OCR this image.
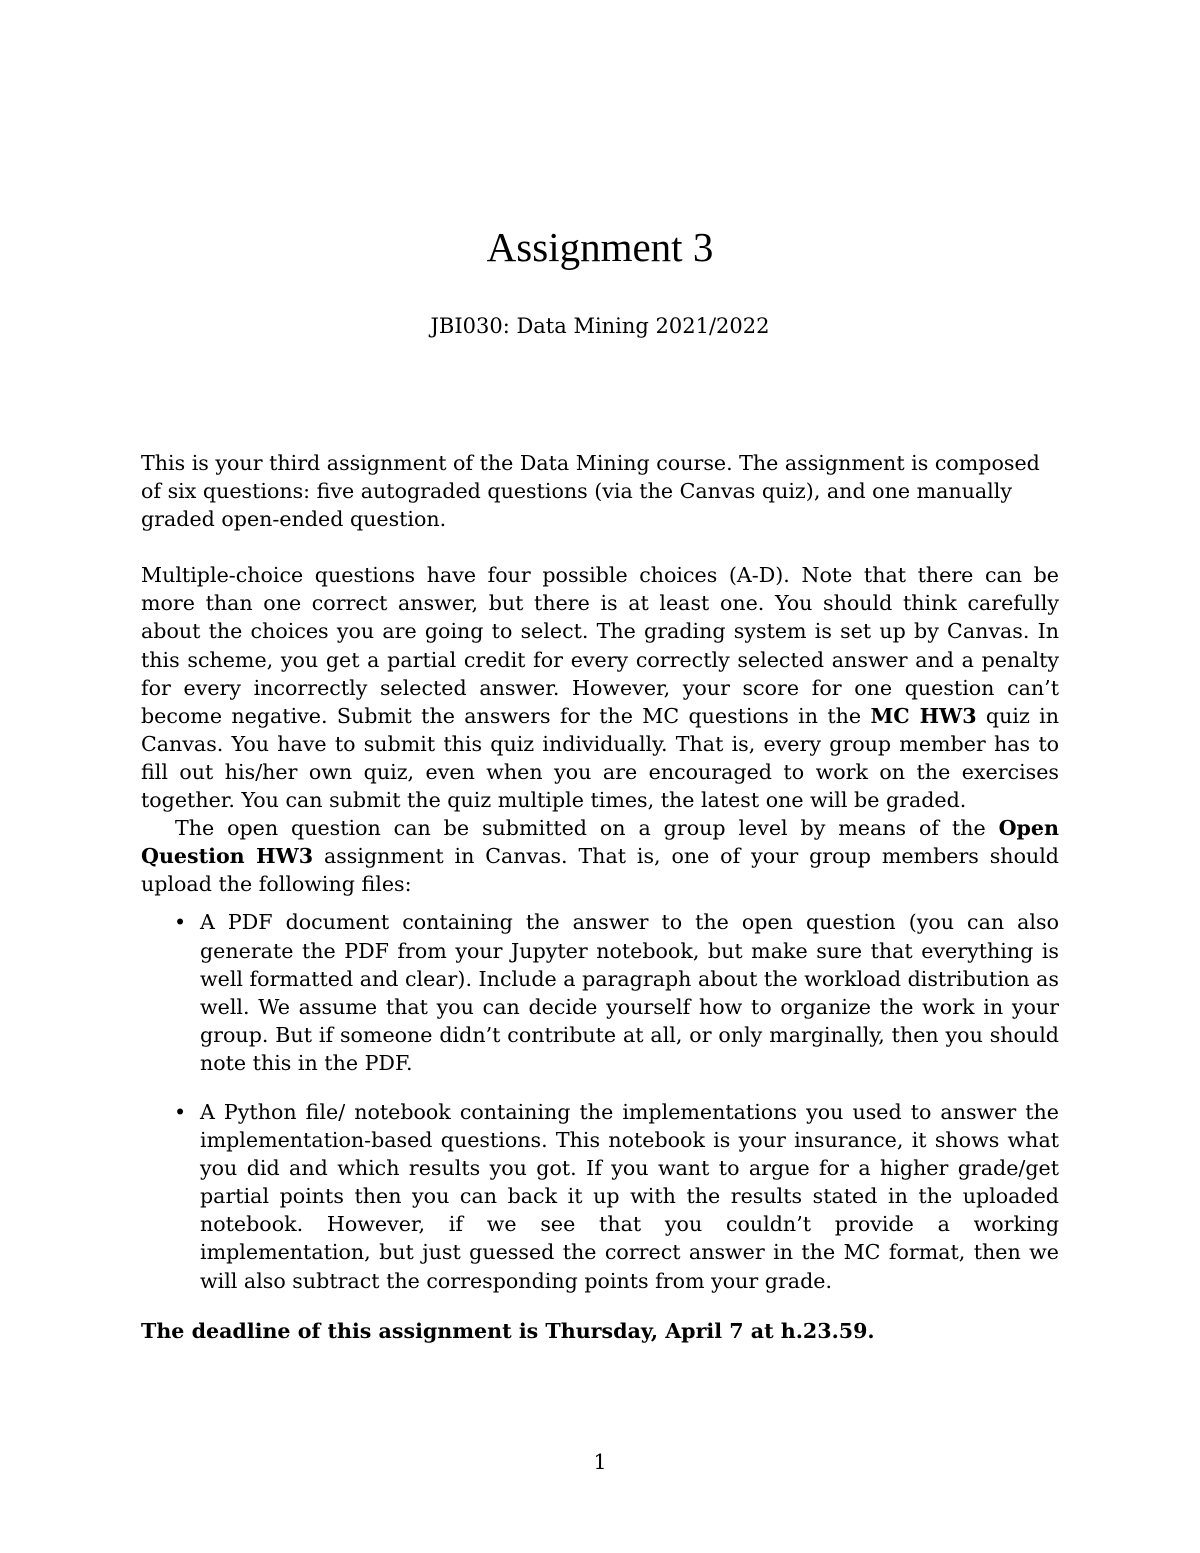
Assignment 3
JBI030: Data Mining 2021/2022

This is your third assignment of the Data Mining course. The assignment is composed of six questions: five autograded questions (via the Canvas quiz), and one manually graded open-ended question.

Multiple-choice questions have four possible choices (A-D). Note that there can be more than one correct answer, but there is at least one. You should think carefully about the choices you are going to select. The grading system is set up by Canvas. In this scheme, you get a partial credit for every correctly selected answer and a penalty for every incorrectly selected answer. However, your score for one question can’t become negative. Submit the answers for the MC questions in the MC HW3 quiz in Canvas. You have to submit this quiz individually. That is, every group member has to fill out his/her own quiz, even when you are encouraged to work on the exercises together. You can submit the quiz multiple times, the latest one will be graded.

The open question can be submitted on a group level by means of the Open Question HW3 assignment in Canvas. That is, one of your group members should upload the following files:

• A PDF document containing the answer to the open question (you can also generate the PDF from your Jupyter notebook, but make sure that everything is well formatted and clear). Include a paragraph about the workload distribution as well. We assume that you can decide yourself how to organize the work in your group. But if someone didn’t contribute at all, or only marginally, then you should note this in the PDF.
• A Python file/ notebook containing the implementations you used to answer the implementation-based questions. This notebook is your insurance, it shows what you did and which results you got. If you want to argue for a higher grade/get partial points then you can back it up with the results stated in the uploaded notebook. However, if we see that you couldn’t provide a working implementation, but just guessed the correct answer in the MC format, then we will also subtract the corresponding points from your grade.

The deadline of this assignment is Thursday, April 7 at h.23.59.

1
